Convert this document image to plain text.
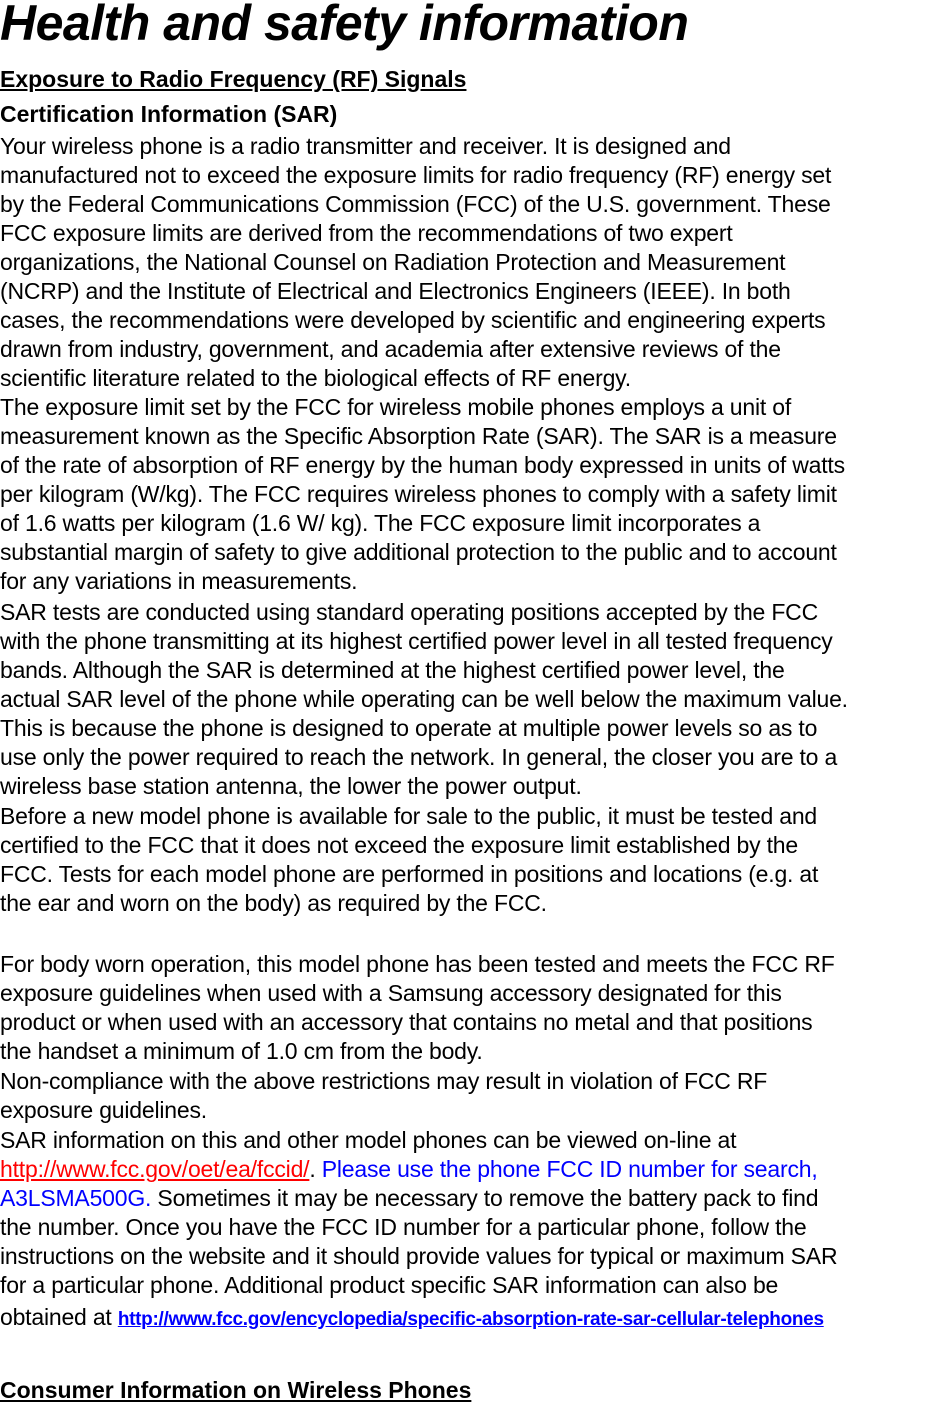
Health and safety information
Exposure to Radio Frequency (RF) Signals
Certification Information (SAR)
Your wireless phone is a radio transmitter and receiver. It is designed and
manufactured not to exceed the exposure limits for radio frequency (RF) energy set
by the Federal Communications Commission (FCC) of the U.S. government. These
FCC exposure limits are derived from the recommendations of two expert
organizations, the National Counsel on Radiation Protection and Measurement
(NCRP) and the Institute of Electrical and Electronics Engineers (IEEE). In both
cases, the recommendations were developed by scientific and engineering experts
drawn from industry, government, and academia after extensive reviews of the
scientific literature related to the biological effects of RF energy.
The exposure limit set by the FCC for wireless mobile phones employs a unit of
measurement known as the Specific Absorption Rate (SAR). The SAR is a measure
of the rate of absorption of RF energy by the human body expressed in units of watts
per kilogram (W/kg). The FCC requires wireless phones to comply with a safety limit
of 1.6 watts per kilogram (1.6 W/ kg). The FCC exposure limit incorporates a
substantial margin of safety to give additional protection to the public and to account
for any variations in measurements.
SAR tests are conducted using standard operating positions accepted by the FCC
with the phone transmitting at its highest certified power level in all tested frequency
bands. Although the SAR is determined at the highest certified power level, the
actual SAR level of the phone while operating can be well below the maximum value.
This is because the phone is designed to operate at multiple power levels so as to
use only the power required to reach the network. In general, the closer you are to a
wireless base station antenna, the lower the power output.
Before a new model phone is available for sale to the public, it must be tested and
certified to the FCC that it does not exceed the exposure limit established by the
FCC. Tests for each model phone are performed in positions and locations (e.g. at
the ear and worn on the body) as required by the FCC.
For body worn operation, this model phone has been tested and meets the FCC RF
exposure guidelines when used with a Samsung accessory designated for this
product or when used with an accessory that contains no metal and that positions
the handset a minimum of 1.0 cm from the body.
Non-compliance with the above restrictions may result in violation of FCC RF
exposure guidelines.
SAR information on this and other model phones can be viewed on-line at
http://www.fcc.gov/oet/ea/fccid/. Please use the phone FCC ID number for search,
A3LSMA500G. Sometimes it may be necessary to remove the battery pack to find
the number. Once you have the FCC ID number for a particular phone, follow the
instructions on the website and it should provide values for typical or maximum SAR
for a particular phone. Additional product specific SAR information can also be
obtained at http://www.fcc.gov/encyclopedia/specific-absorption-rate-sar-cellular-telephones
Consumer Information on Wireless Phones
